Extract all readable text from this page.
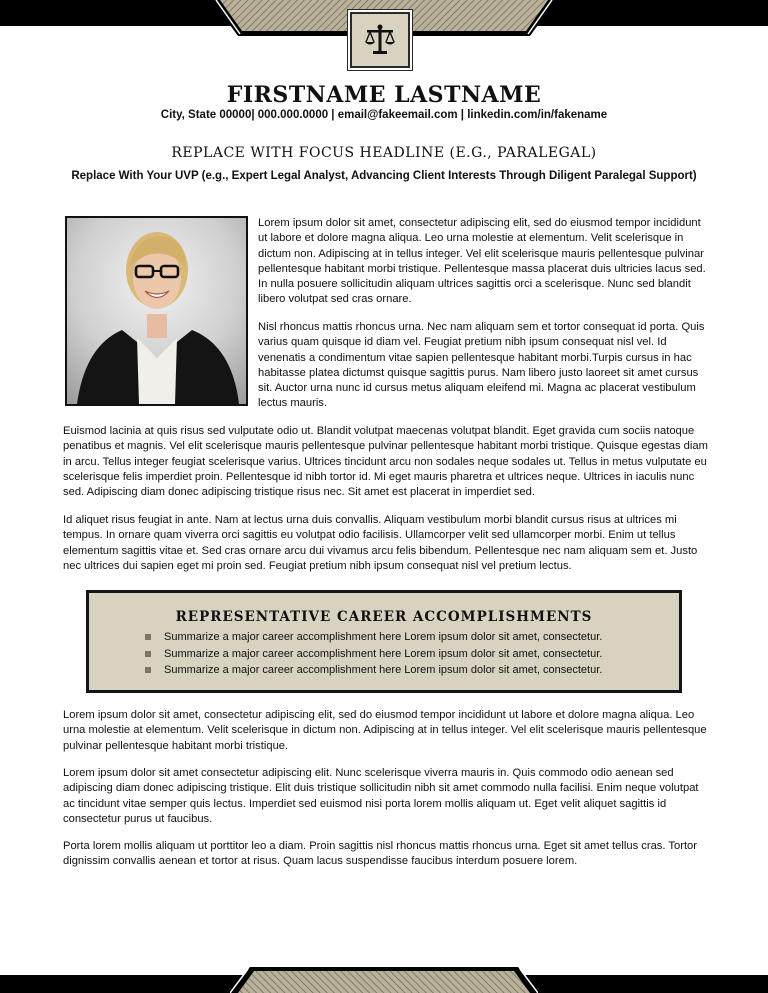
FIRSTNAME LASTNAME
City, State 00000| 000.000.0000 | email@fakeemail.com | linkedin.com/in/fakename
REPLACE WITH FOCUS HEADLINE (E.G., PARALEGAL)
Replace With Your UVP (e.g., Expert Legal Analyst, Advancing Client Interests Through Diligent Paralegal Support)

Lorem ipsum dolor sit amet, consectetur adipiscing elit, sed do eiusmod tempor incididunt ut labore et dolore magna aliqua. Leo urna molestie at elementum. Velit scelerisque in dictum non. Adipiscing at in tellus integer. Vel elit scelerisque mauris pellentesque pulvinar pellentesque habitant morbi tristique. Pellentesque massa placerat duis ultricies lacus sed. In nulla posuere sollicitudin aliquam ultrices sagittis orci a scelerisque. Nunc sed blandit libero volutpat sed cras ornare.

Nisl rhoncus mattis rhoncus urna. Nec nam aliquam sem et tortor consequat id porta. Quis varius quam quisque id diam vel. Feugiat pretium nibh ipsum consequat nisl vel. Id venenatis a condimentum vitae sapien pellentesque habitant morbi.Turpis cursus in hac habitasse platea dictumst quisque sagittis purus. Nam libero justo laoreet sit amet cursus sit. Auctor urna nunc id cursus metus aliquam eleifend mi. Magna ac placerat vestibulum lectus mauris.

Euismod lacinia at quis risus sed vulputate odio ut. Blandit volutpat maecenas volutpat blandit. Eget gravida cum sociis natoque penatibus et magnis. Vel elit scelerisque mauris pellentesque pulvinar pellentesque habitant morbi tristique. Quisque egestas diam in arcu. Tellus integer feugiat scelerisque varius. Ultrices tincidunt arcu non sodales neque sodales ut. Tellus in metus vulputate eu scelerisque felis imperdiet proin. Pellentesque id nibh tortor id. Mi eget mauris pharetra et ultrices neque. Ultrices in iaculis nunc sed. Adipiscing diam donec adipiscing tristique risus nec. Sit amet est placerat in imperdiet sed.

Id aliquet risus feugiat in ante. Nam at lectus urna duis convallis. Aliquam vestibulum morbi blandit cursus risus at ultrices mi tempus. In ornare quam viverra orci sagittis eu volutpat odio facilisis. Ullamcorper velit sed ullamcorper morbi. Enim ut tellus elementum sagittis vitae et. Sed cras ornare arcu dui vivamus arcu felis bibendum. Pellentesque nec nam aliquam sem et. Justo nec ultrices dui sapien eget mi proin sed. Feugiat pretium nibh ipsum consequat nisl vel pretium lectus.

REPRESENTATIVE CAREER ACCOMPLISHMENTS
Summarize a major career accomplishment here Lorem ipsum dolor sit amet, consectetur.
Summarize a major career accomplishment here Lorem ipsum dolor sit amet, consectetur.
Summarize a major career accomplishment here Lorem ipsum dolor sit amet, consectetur.

Lorem ipsum dolor sit amet, consectetur adipiscing elit, sed do eiusmod tempor incididunt ut labore et dolore magna aliqua. Leo urna molestie at elementum. Velit scelerisque in dictum non. Adipiscing at in tellus integer. Vel elit scelerisque mauris pellentesque pulvinar pellentesque habitant morbi tristique.

Lorem ipsum dolor sit amet consectetur adipiscing elit. Nunc scelerisque viverra mauris in. Quis commodo odio aenean sed adipiscing diam donec adipiscing tristique. Elit duis tristique sollicitudin nibh sit amet commodo nulla facilisi. Enim neque volutpat ac tincidunt vitae semper quis lectus. Imperdiet sed euismod nisi porta lorem mollis aliquam ut. Eget velit aliquet sagittis id consectetur purus ut faucibus.

Porta lorem mollis aliquam ut porttitor leo a diam. Proin sagittis nisl rhoncus mattis rhoncus urna. Eget sit amet tellus cras. Tortor dignissim convallis aenean et tortor at risus. Quam lacus suspendisse faucibus interdum posuere lorem.
